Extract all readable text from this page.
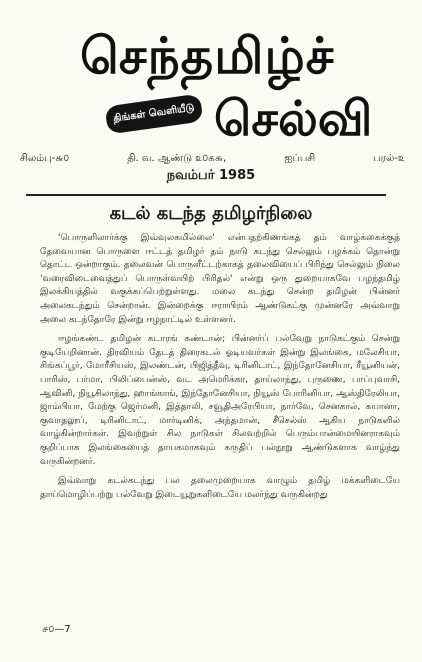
செந்தமிழ்ச்
திங்கள் வெளியீடு செல்வி
சிலம்பு-௬௦	தி. வ. ஆண்டு ௨௦௧௬,	ஐப்பசி	பரல்-௨
நவம்பர் 1985
கடல் கடந்த தமிழர்நிலை

'பொருளிலார்க்கு இவ்வுலகமில்லை' என்பதற்கிணங்கத் தம் வாழ்க்கைக்குத் தேவையான பொருளை ஈட்டத் தமிழர் தம் நாடு கடந்து செல்லும் பழக்கம் தொன்று தொட்ட ஒன்றாகும். தலைவன் பொருளீட்டற்காகத் தலைவியைப் பிரிந்து செல்லும் நிலை 'வரைவிடைவைத்துப் பொருள்வயிற் பிரிதல்' என்று ஒரு துறையாகவே பழந்தமிழ் இலக்கியத்தில் வகுக்கப்பெற்றுள்ளது. மலை கடந்து சென்ற தமிழன் பின்னர் அலைகடந்தும் சென்றான். இன்றைக்கு ஈராயிரம் ஆண்டுகட்கு முன்னரே அவ்வாறு அலை கடந்தோரே இன்று ஈழநாட்டில் உள்ளனர்.

ஈழங்கண்ட தமிழன் கடாரங் கண்டான்; பின்னர்ப் பல்வேறு நாடுகட்கும் சென்று குடியேறினான். திரவியம் தேடத் திரைகடல் ஓடியவர்கள் இன்று இலங்கை, மலேசியா, சிங்கப்பூர், மோரீசியஸ், இலண்டன், பிஜித்தீவு, டிரினிடாட், இந்தோனேசியா, ரீயூனியன், பாரிஸ், பர்மா, பிலிப்பைன்ஸ், வட அமெரிக்கா, தாய்லாந்து, புருணை, பாப்புவாசி, ஆவினி, நியூசிலாந்து, ஹாங்காங், இந்தோனேசியா, நியூஸ் போரினியா, ஆஸ்திரேலியா, ஜாம்பியா, மேற்கு ஜெர்மனி, இத்தாலி, சவூதிஅரேபியா, நார்வே, செனகால், கயானா, குவாதலூப், டிரினிடாட், மார்டினிக், அந்தமான், சீசெல்ஸ் ஆகிய நாடுகளில் வாழ்கின்றார்கள். இவற்றுள் சில நாடுகள் சிலவற்றில் பெரும்பான்மையினராகவும் குறிப்பாக இலங்கையைத் தாயகமாகவும் கருதிப் பல்நூறு ஆண்டுகளாக வாழ்ந்து வருகின்றனர்.

இவ்வாறு கடல்கடந்து பல தலைமுறையாக வாழும் தமிழ் மக்களிடையே தாய்மொழிப்பற்று பல்வேறு இடையூறுகளிடையே மலர்ந்து வருகின்றது

௪௦—7
